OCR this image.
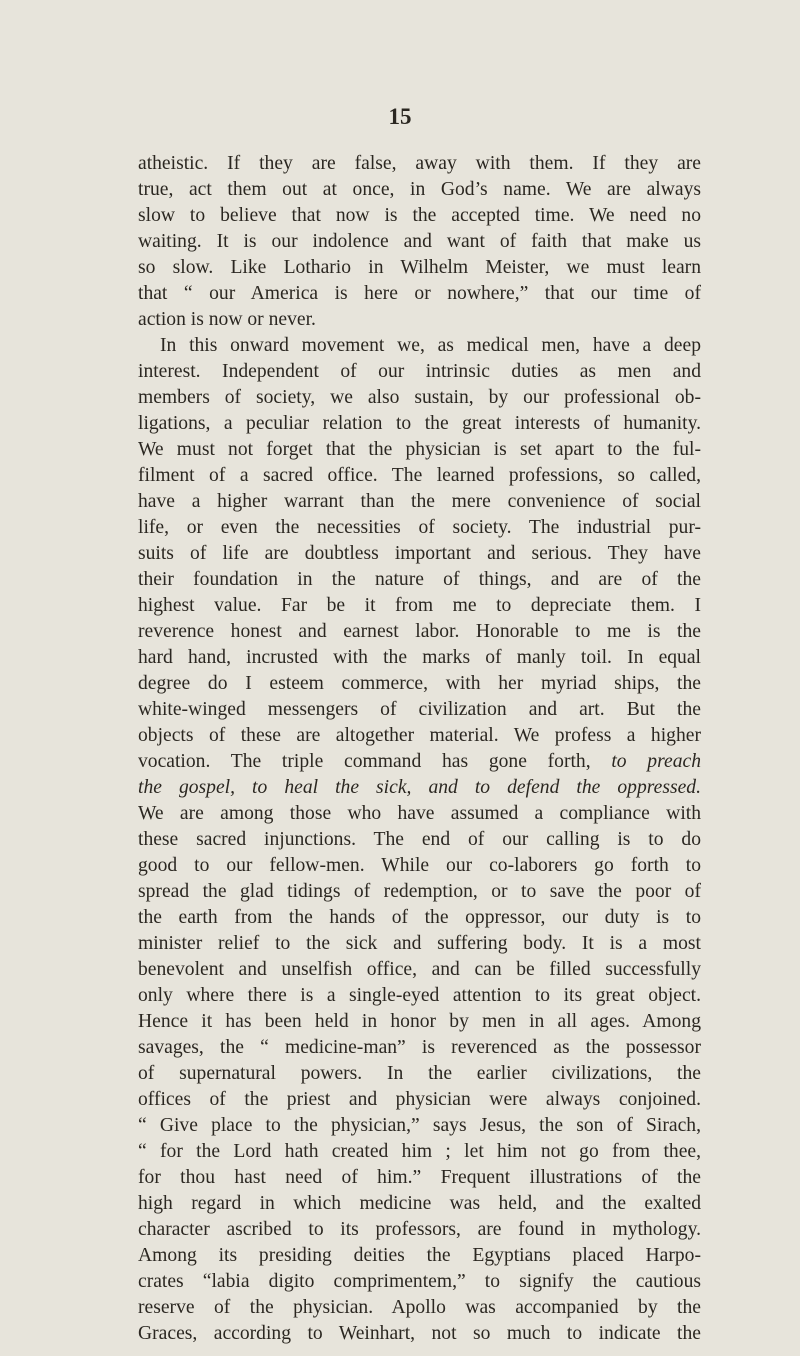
15
atheistic. If they are false, away with them. If they are
true, act them out at once, in God’s name. We are always
slow to believe that now is the accepted time. We need no
waiting. It is our indolence and want of faith that make us
so slow. Like Lothario in Wilhelm Meister, we must learn
that “ our America is here or nowhere,” that our time of
action is now or never.
In this onward movement we, as medical men, have a deep
interest. Independent of our intrinsic duties as men and
members of society, we also sustain, by our professional ob-
ligations, a peculiar relation to the great interests of humanity.
We must not forget that the physician is set apart to the ful-
filment of a sacred office. The learned professions, so called,
have a higher warrant than the mere convenience of social
life, or even the necessities of society. The industrial pur-
suits of life are doubtless important and serious. They have
their foundation in the nature of things, and are of the
highest value. Far be it from me to depreciate them. I
reverence honest and earnest labor. Honorable to me is the
hard hand, incrusted with the marks of manly toil. In equal
degree do I esteem commerce, with her myriad ships, the
white-winged messengers of civilization and art. But the
objects of these are altogether material. We profess a higher
vocation. The triple command has gone forth, to preach
the gospel, to heal the sick, and to defend the oppressed.
We are among those who have assumed a compliance with
these sacred injunctions. The end of our calling is to do
good to our fellow-men. While our co-laborers go forth to
spread the glad tidings of redemption, or to save the poor of
the earth from the hands of the oppressor, our duty is to
minister relief to the sick and suffering body. It is a most
benevolent and unselfish office, and can be filled successfully
only where there is a single-eyed attention to its great object.
Hence it has been held in honor by men in all ages. Among
savages, the “ medicine-man” is reverenced as the possessor
of supernatural powers. In the earlier civilizations, the
offices of the priest and physician were always conjoined.
“ Give place to the physician,” says Jesus, the son of Sirach,
“ for the Lord hath created him ; let him not go from thee,
for thou hast need of him.” Frequent illustrations of the
high regard in which medicine was held, and the exalted
character ascribed to its professors, are found in mythology.
Among its presiding deities the Egyptians placed Harpo-
crates “labia digito comprimentem,” to signify the cautious
reserve of the physician. Apollo was accompanied by the
Graces, according to Weinhart, not so much to indicate the
